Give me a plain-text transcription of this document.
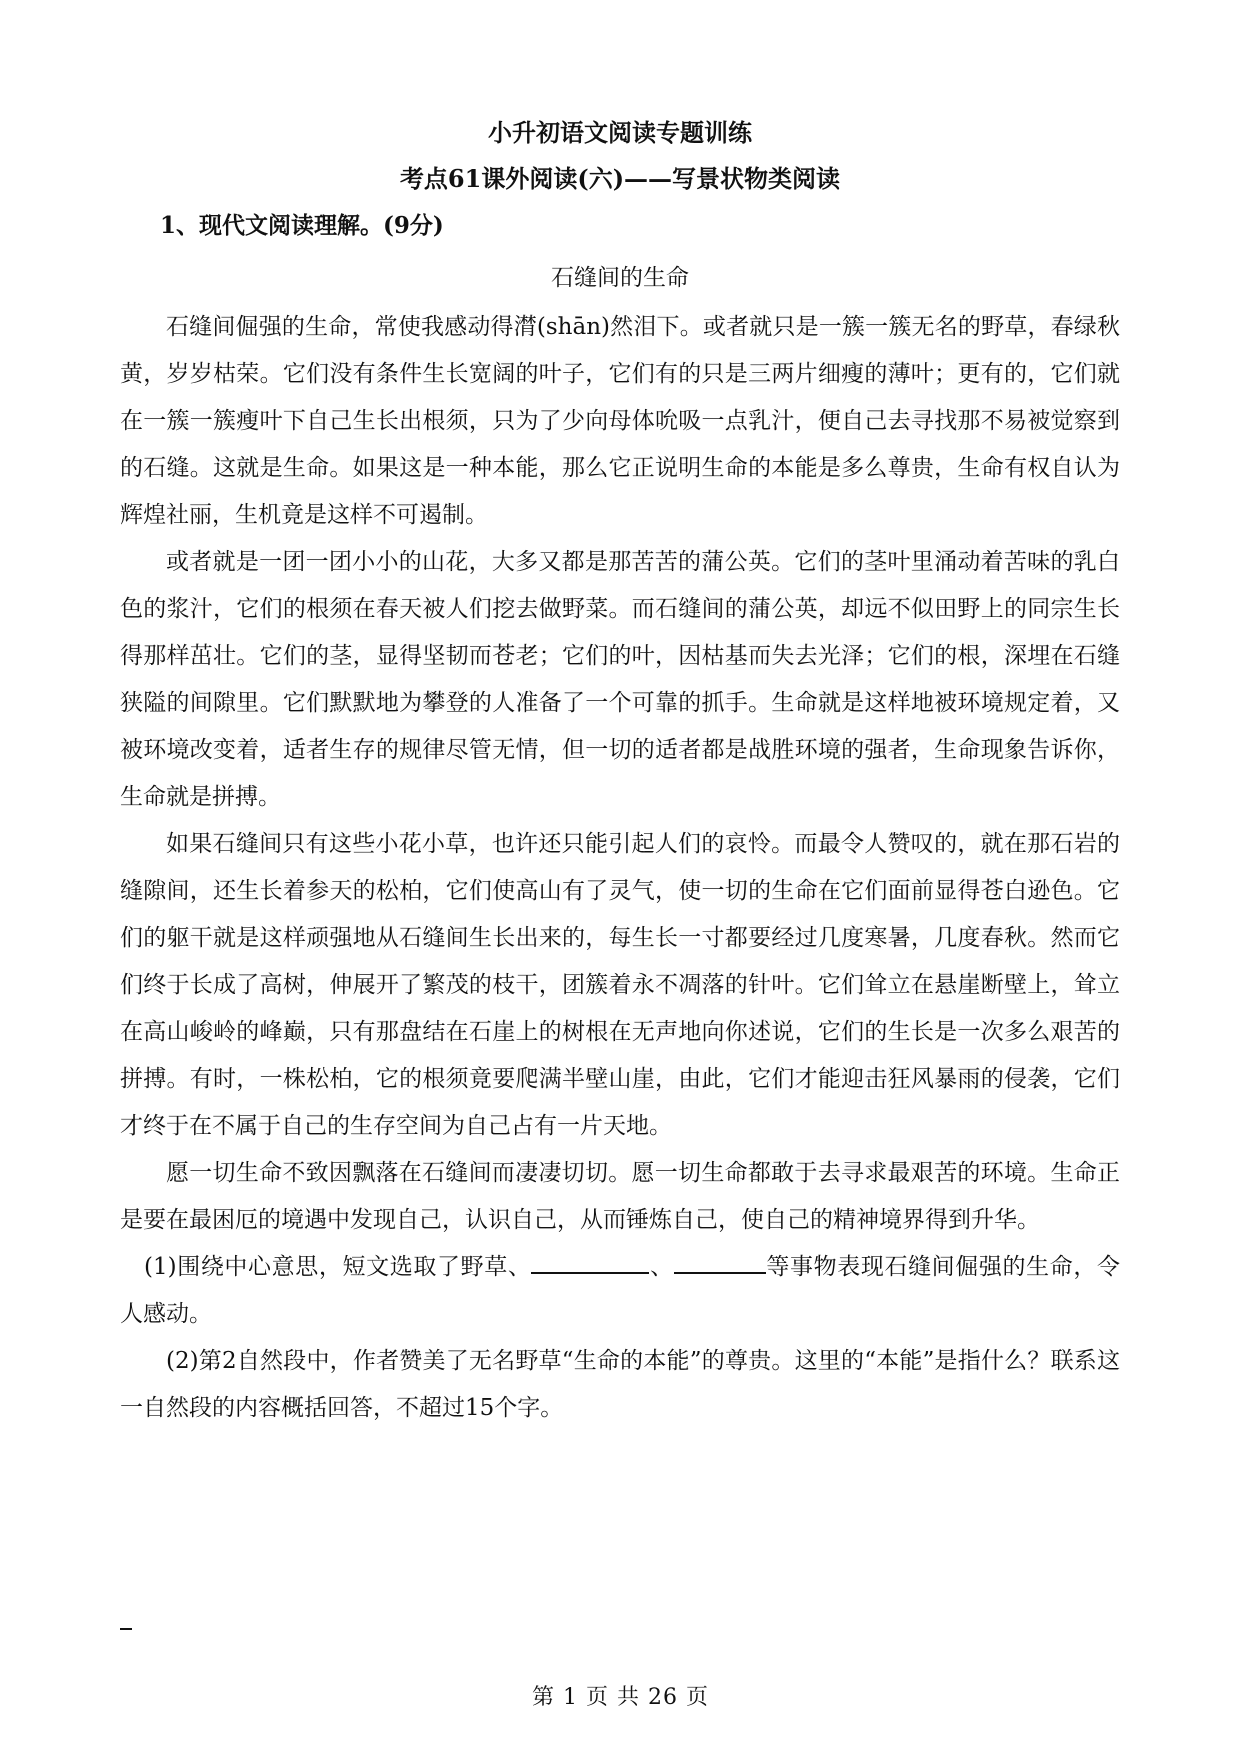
小升初语文阅读专题训练

考点61课外阅读(六)——写景状物类阅读

1、现代文阅读理解。(9分)

石缝间的生命

石缝间倔强的生命，常使我感动得潸(shān)然泪下。或者就只是一簇一簇无名的野草，春绿秋黄，岁岁枯荣。它们没有条件生长宽阔的叶子，它们有的只是三两片细瘦的薄叶；更有的，它们就在一簇一簇瘦叶下自己生长出根须，只为了少向母体吮吸一点乳汁，便自己去寻找那不易被觉察到的石缝。这就是生命。如果这是一种本能，那么它正说明生命的本能是多么尊贵，生命有权自认为辉煌社丽，生机竟是这样不可遏制。

或者就是一团一团小小的山花，大多又都是那苦苦的蒲公英。它们的茎叶里涌动着苦味的乳白色的浆汁，它们的根须在春天被人们挖去做野菜。而石缝间的蒲公英，却远不似田野上的同宗生长得那样茁壮。它们的茎，显得坚韧而苍老；它们的叶，因枯基而失去光泽；它们的根，深埋在石缝狭隘的间隙里。它们默默地为攀登的人准备了一个可靠的抓手。生命就是这样地被环境规定着，又被环境改变着，适者生存的规律尽管无情，但一切的适者都是战胜环境的强者，生命现象告诉你，生命就是拼搏。

如果石缝间只有这些小花小草，也许还只能引起人们的哀怜。而最令人赞叹的，就在那石岩的缝隙间，还生长着参天的松柏，它们使高山有了灵气，使一切的生命在它们面前显得苍白逊色。它们的躯干就是这样顽强地从石缝间生长出来的，每生长一寸都要经过几度寒暑，几度春秋。然而它们终于长成了高树，伸展开了繁茂的枝干，团簇着永不凋落的针叶。它们耸立在悬崖断壁上，耸立在高山峻岭的峰巅，只有那盘结在石崖上的树根在无声地向你述说，它们的生长是一次多么艰苦的拼搏。有时，一株松柏，它的根须竟要爬满半壁山崖，由此，它们才能迎击狂风暴雨的侵袭，它们才终于在不属于自己的生存空间为自己占有一片天地。

愿一切生命不致因飘落在石缝间而凄凄切切。愿一切生命都敢于去寻求最艰苦的环境。生命正是要在最困厄的境遇中发现自己，认识自己，从而锤炼自己，使自己的精神境界得到升华。

(1)围绕中心意思，短文选取了野草、	、	等事物表现石缝间倔强的生命，令人感动。

(2)第2自然段中，作者赞美了无名野草“生命的本能”的尊贵。这里的“本能”是指什么？联系这一自然段的内容概括回答，不超过15个字。

第 1 页 共 26 页
